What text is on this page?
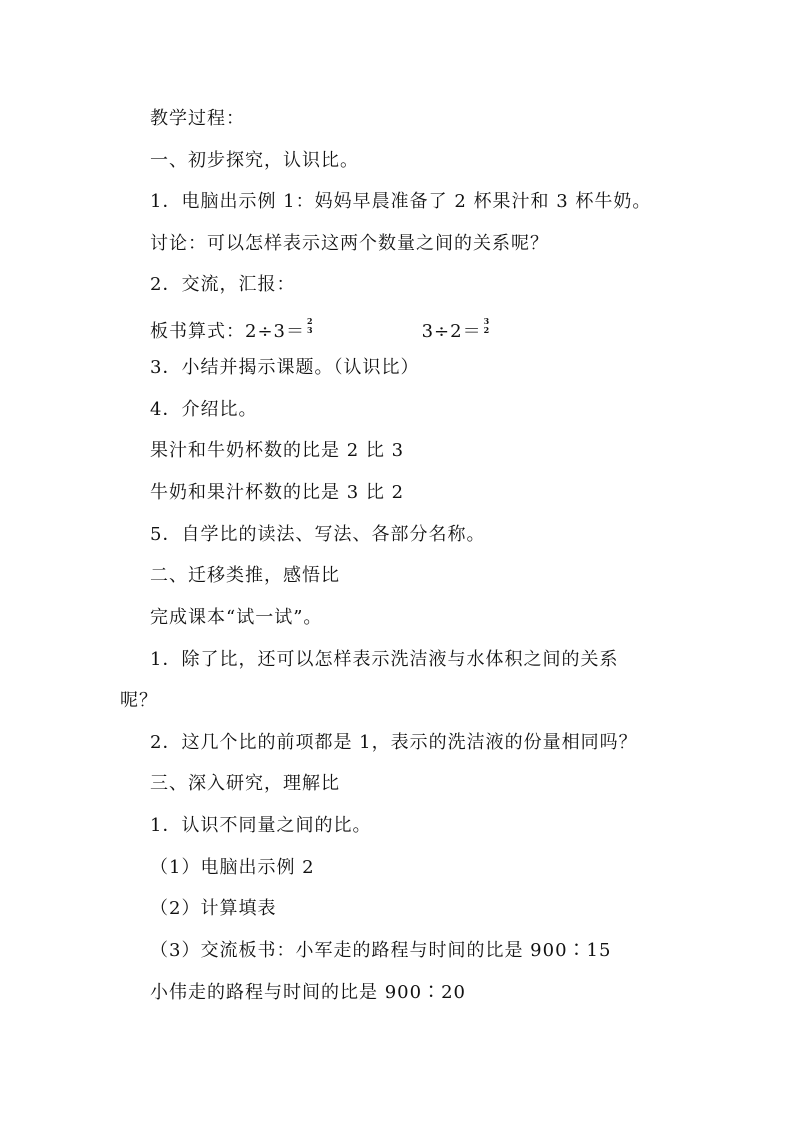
教学过程：
一、初步探究，认识比。
1．电脑出示例 1：妈妈早晨准备了 2 杯果汁和 3 杯牛奶。
讨论：可以怎样表示这两个数量之间的关系呢？
2．交流，汇报：
板书算式：2÷3＝ 2
3	3÷2＝ 3
2
3．小结并揭示课题。（认识比）
4．介绍比。
果汁和牛奶杯数的比是 2 比 3
牛奶和果汁杯数的比是 3 比 2
5．自学比的读法、写法、各部分名称。
二、迁移类推，感悟比
完成课本“试一试”。
1．除了比，还可以怎样表示洗洁液与水体积之间的关系
呢？
2．这几个比的前项都是 1，表示的洗洁液的份量相同吗？
三、深入研究，理解比
1．认识不同量之间的比。
（1）电脑出示例 2
（2）计算填表
（3）交流板书：小军走的路程与时间的比是 900∶15
小伟走的路程与时间的比是 900∶20
